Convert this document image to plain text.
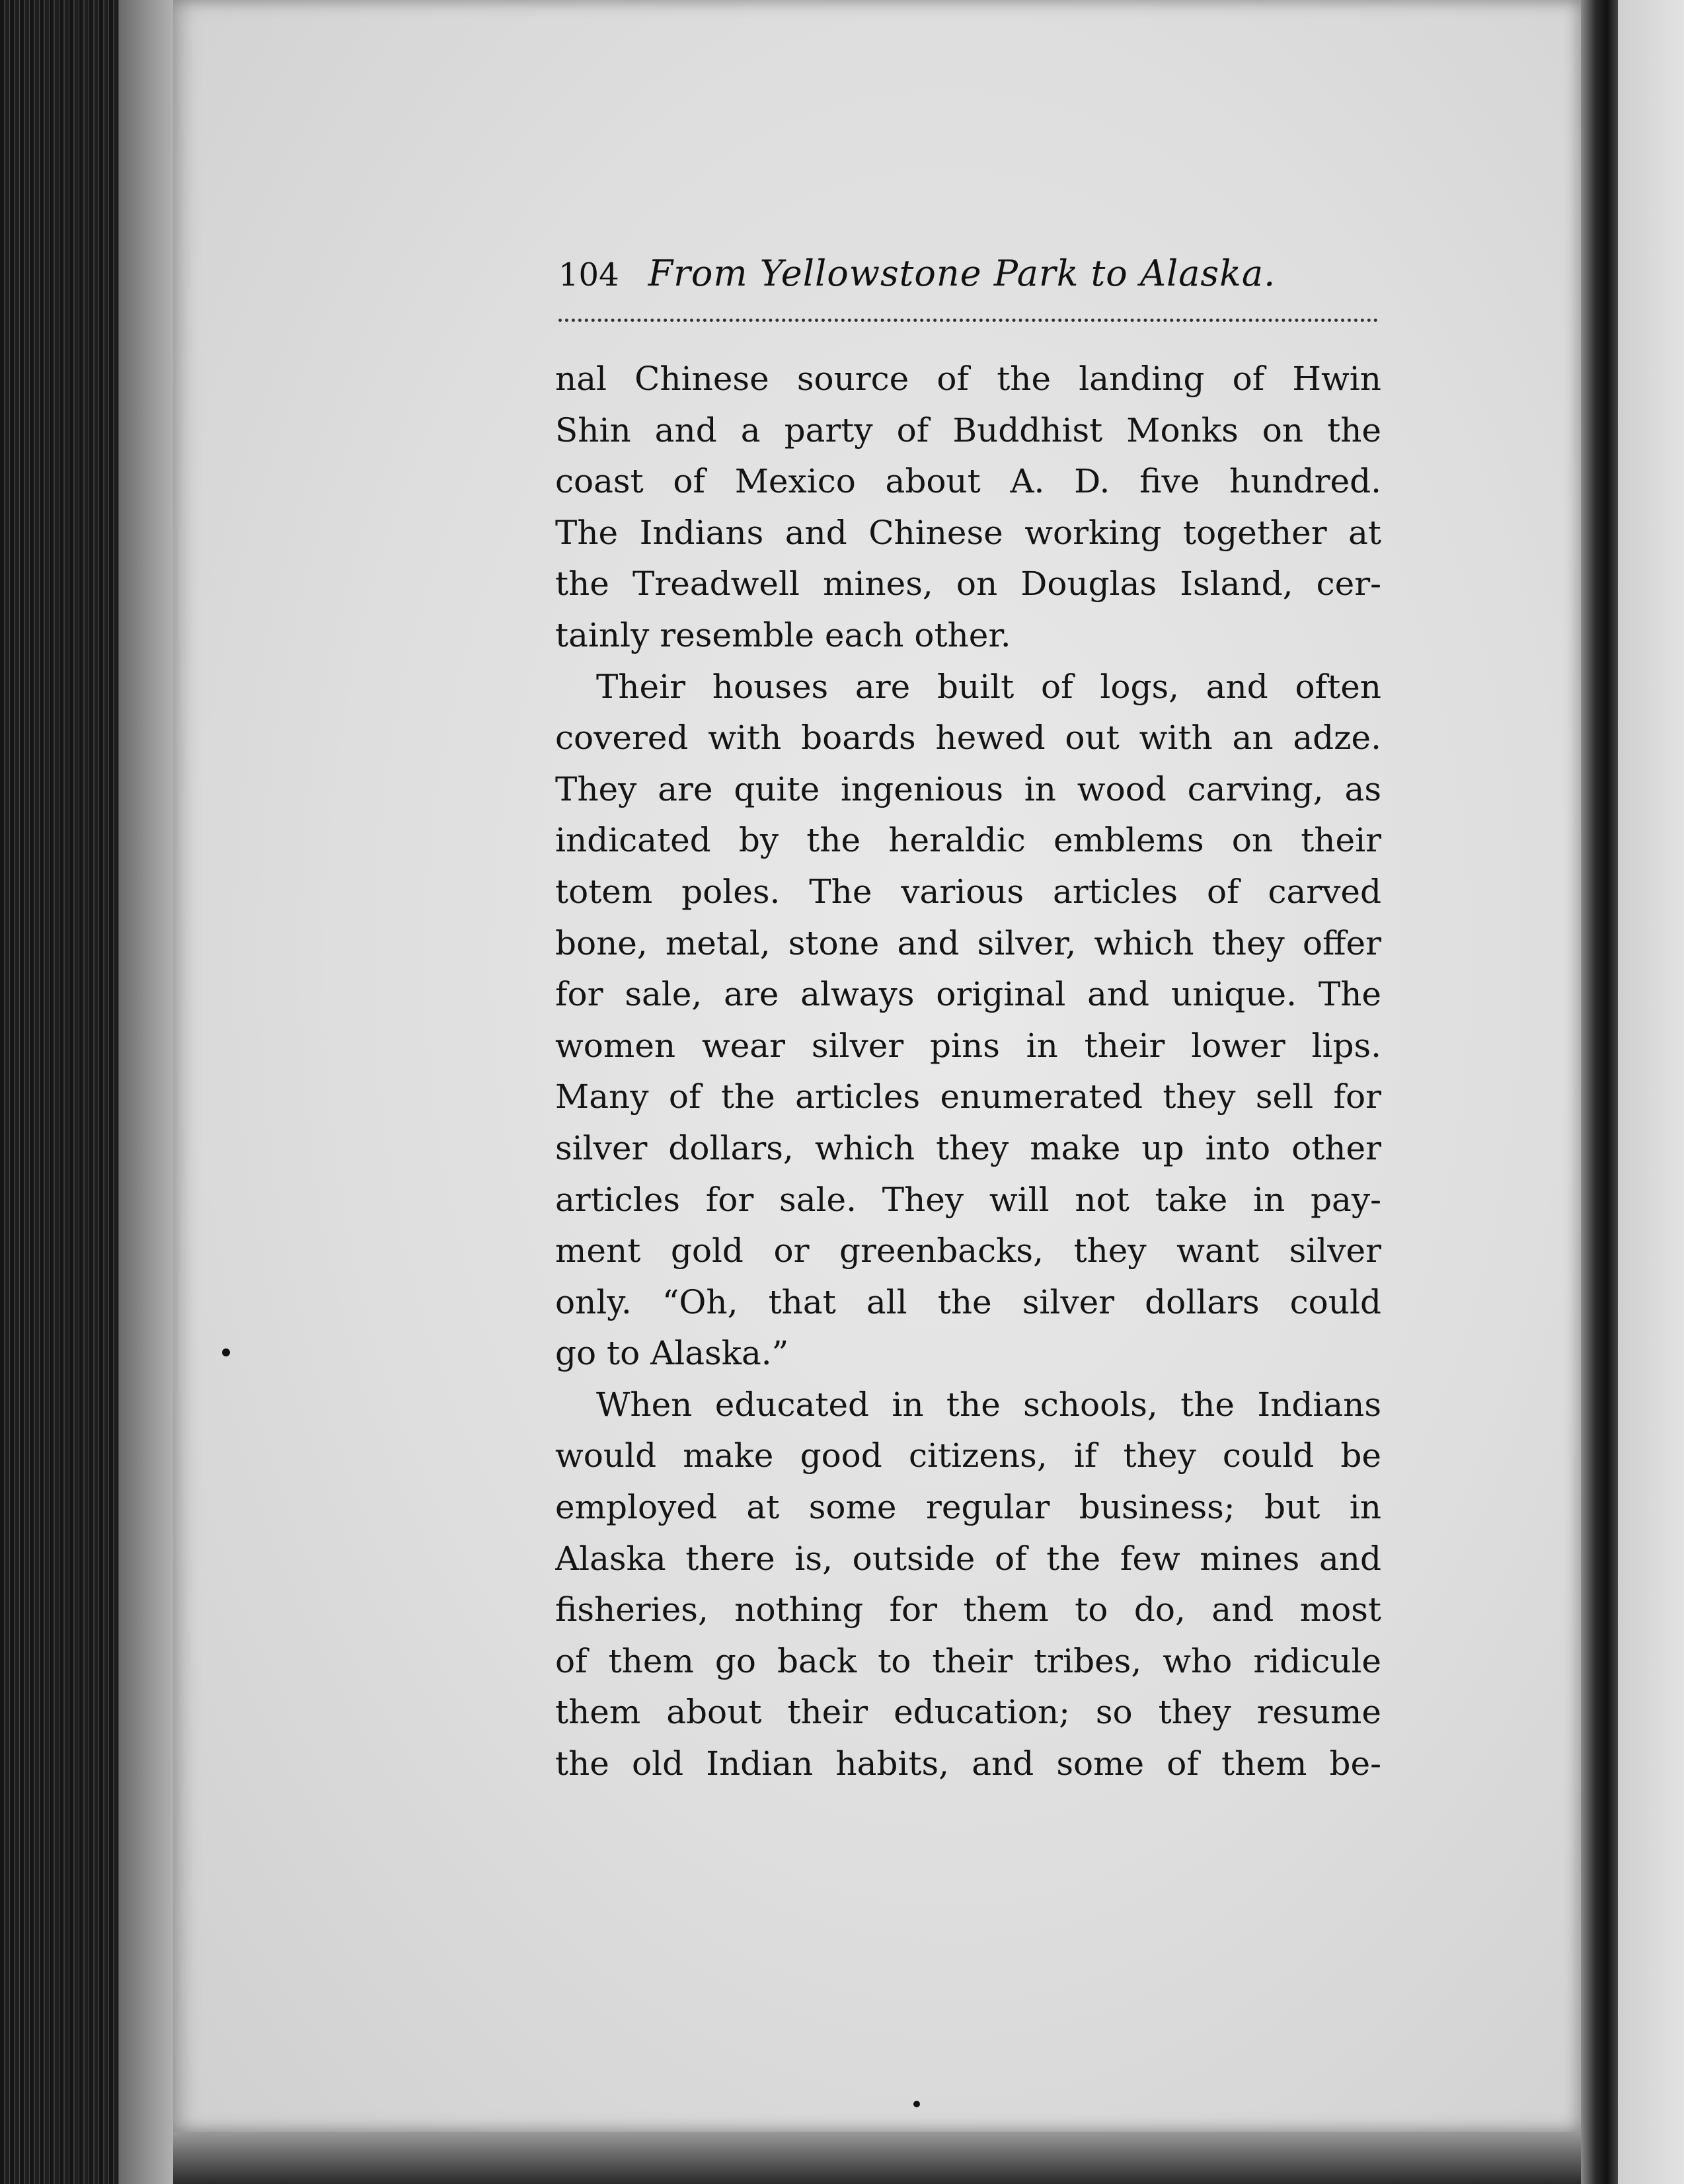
104 From Yellowstone Park to Alaska.

nal Chinese source of the landing of Hwin
Shin and a party of Buddhist Monks on the
coast of Mexico about A. D. five hundred.
The Indians and Chinese working together at
the Treadwell mines, on Douglas Island, cer-
tainly resemble each other.

Their houses are built of logs, and often
covered with boards hewed out with an adze.
They are quite ingenious in wood carving, as
indicated by the heraldic emblems on their
totem poles. The various articles of carved
bone, metal, stone and silver, which they offer
for sale, are always original and unique. The
women wear silver pins in their lower lips.
Many of the articles enumerated they sell for
silver dollars, which they make up into other
articles for sale. They will not take in pay-
ment gold or greenbacks, they want silver
only. “Oh, that all the silver dollars could
go to Alaska.”

When educated in the schools, the Indians
would make good citizens, if they could be
employed at some regular business; but in
Alaska there is, outside of the few mines and
fisheries, nothing for them to do, and most
of them go back to their tribes, who ridicule
them about their education; so they resume
the old Indian habits, and some of them be-
